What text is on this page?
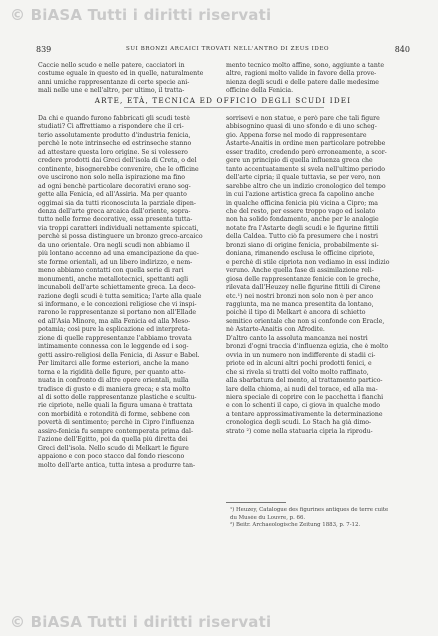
© BiASA Tutti i diritti riservati
839	SUI BRONZI ARCAICI TROVATI NELL'ANTRO DI ZEUS IDEO	840
Caccie nello scudo e nelle patere, cacciatori in
costume eguale in questo ed in quelle, naturalmente
anni umiche rappresentanze di certe specie ani-
mali nelle une e nell'altro, per ultimo, il tratta-
mento tecnico molto affine, sono, aggiunte a tante
altre, ragioni molto valide in favore della prove-
nienza degli scudi e delle patere dalle medesime
officine della Fenicia.
ARTE, ETÀ, TECNICA ED OFFICIO DEGLI SCUDI IDEI
Da chi e quando furono fabbricati gli scudi testè
studiati? Ci affrettiamo a rispondere che il cri-
terio assolutamente produtto d'industria fenicia,
perchè le note intrinseche ed estrinseche stanno
ad attestare questa loro origine. Se si volessero
credere prodotti dai Greci dell'isola di Creta, o del
continente, bisognerebbe convenire, che le officine
ove uscirono non solo nella ispirazione ma fino
ad ogni benchè particolare decorativi erano sog-
gette alla Fenicia, ed all'Assiria. Ma per quanto
oggimai sia da tutti riconosciuta la parziale dipen-
denza dell'arte greca arcaica dall'oriente, sopra-
tutto nelle forme decorative, essa presenta tutta-
via troppi caratteri individuali nettamente spiccati,
perchè si possa distinguere un bronzo greco-arcaico
da uno orientale. Ora negli scudi non abbiamo il
più lontano accenno ad una emancipazione da que-
ste forme orientali, ad un libero indirizzo, e nem-
meno abbiamo contatti con quella serie di rari
monumenti, anche metallotecnici, spettanti agli
incunaboli dell'arte schiettamente greca. La deco-
razione degli scudi è tutta semitica; l'arte alla quale
si informano, e le concezioni religiose che vi inspi-
rarono le rappresentanze si portano non all'Ellade
ed all'Asia Minore, ma alla Fenicia ed alla Meso-
potamia; così pure la esplicazione ed interpreta-
zione di quelle rappresentanze l'abbiamo trovata
intimamente connessa con le leggende ed i sog-
getti assiro-religiosi della Fenicia, di Assur e Babel.
Per limitarci alle forme esteriori, anche la mano
torna e la rigidità delle figure, per quanto atte-
nuata in confronto di altre opere orientali, nulla
tradisce di gusto e di maniera greca; e sta molto
al di sotto delle rappresentanze plastiche e scultu-
rie cipriote, nelle quali la figura umana è trattata
con morbidità e rotondità di forme, sebbene con
povertà di sentimento; perchè in Cipro l'influenza
assiro-fenicia fu sempre contemperata prima dal-
l'azione dell'Egitto, poi da quella più diretta dei
Greci dell'isola. Nello scudo di Melkart le figure
appaiono e con poco stacco dal fondo riescono
molto dell'arte antica, tutta intesa a produrre tan-
sorrisevi e non statue, e però pare che tali figure
abbisognino quasi di uno sfondo e di uno scheg-
gio. Appena forse nel modo di rappresentare
Astarte-Anaitis in ordine men particolare potrebbe
esser tradito, credendo però erroneamente, a scor-
gere un principio di quella influenza greca che
tanto accentuatamente si svela nell'ultimo periodo
dell'arte cipria; il quale tuttavia, se per vero, non
sarebbe altro che un indizio cronologico del tempo
in cui l'azione artistica greca fa capolino anche
in qualche officina fenicia più vicina a Cipro; ma
che del resto, per essere troppo vago ed isolato
non ha solido fondamento, anche per le analogie
notate fra l'Astarte degli scudi e le figurine fittili
della Caldea. Tutto ciò fa presumere che i nostri
bronzi siano di origine fenicia, probabilmente si-
doniana, rimanendo esclusa le officine cipriote,
e perchè di stile cipriota non vediamo in essi indizio
veruno. Anche quella fase di assimilazione reli-
giosa delle rappresentanze fenicie con le greche,
rilevata dall'Heuzey nelle figurine fittili di Cirene
etc.¹) nei nostri bronzi non solo non è per anco
raggiunta, ma ne manca presentita da lontano,
poichè il tipo di Melkart è ancora di schietto
semitico orientale che non si confonde con Eracle,
nè Astarte-Anaitis con Afrodite.
D'altro canto la assoluta mancanza nei nostri
bronzi d'ogni traccia d'influenza egizia, che è molto
ovvia in un numero non indifferente di stadii ci-
priote ed in alcuni altri pochi prodotti fenici, e
che si rivela si tratti del volto molto raffinato,
alla sbarbatura del mento, al trattamento partico-
lare della chioma, ai nudi del torace, ed alla ma-
niera speciale di coprire con le pacchetta i fianchi
e con lo schenti il capo, ci giova in qualche modo
a tentare approssimativamente la determinazione
cronologica degli scudi. Lo Stach ha già dimo-
strato ²) come nella statuaria cipria la riprodu-
¹) Heuzey, Catalogue des figurines antiques de terre cuite
du Musée du Louvre, p. 66.
²) Beitr. Archaeologische Zeitung 1883, p. 7-12.
© BiASA Tutti i diritti riservati
